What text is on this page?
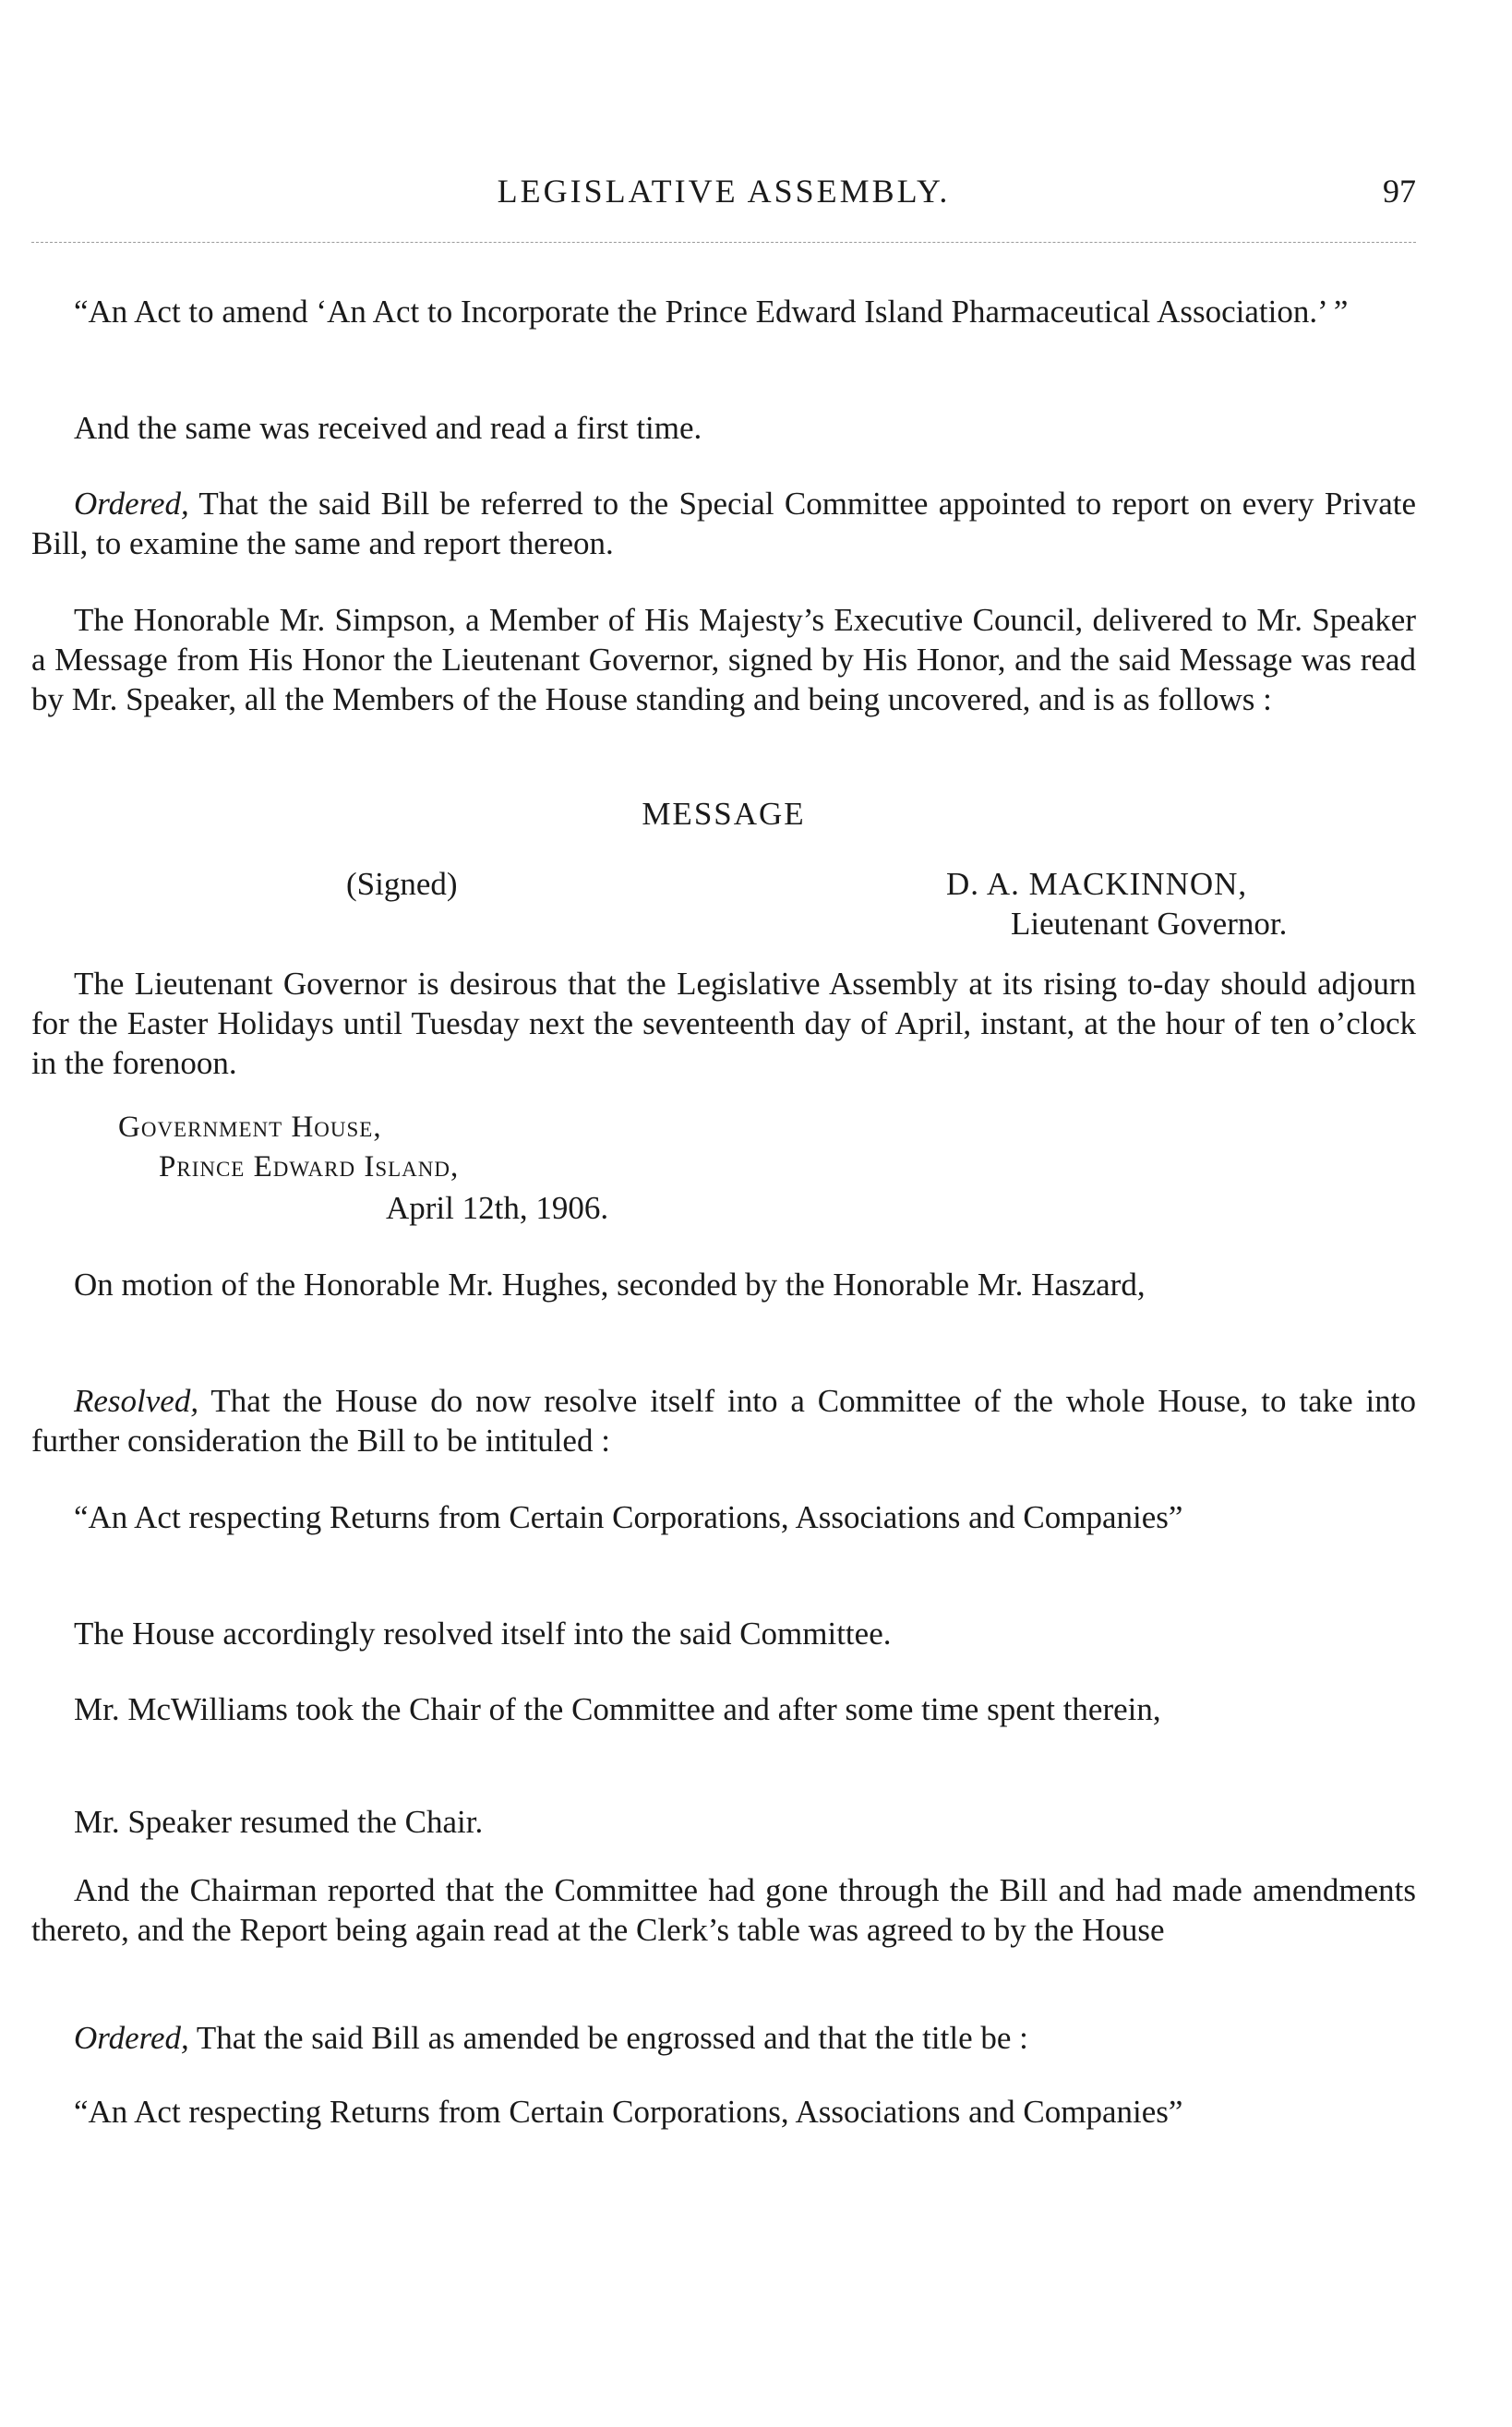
LEGISLATIVE ASSEMBLY.	97

“An Act to amend ‘An Act to Incorporate the Prince Edward Island Pharmaceutical Association.’ ”

And the same was received and read a first time.

Ordered, That the said Bill be referred to the Special Committee appointed to report on every Private Bill, to examine the same and report thereon.

The Honorable Mr. Simpson, a Member of His Majesty’s Executive Council, delivered to Mr. Speaker a Message from His Honor the Lieutenant Governor, signed by His Honor, and the said Message was read by Mr. Speaker, all the Members of the House standing and being uncovered, and is as follows :

MESSAGE
(Signed)	D. A. MACKINNON,
Lieutenant Governor.

The Lieutenant Governor is desirous that the Legislative Assembly at its rising to-day should adjourn for the Easter Holidays until Tuesday next the seventeenth day of April, instant, at the hour of ten o’clock in the forenoon.

Government House,
Prince Edward Island,
April 12th, 1906.

On motion of the Honorable Mr. Hughes, seconded by the Honorable Mr. Haszard,

Resolved, That the House do now resolve itself into a Committee of the whole House, to take into further consideration the Bill to be intituled :

“An Act respecting Returns from Certain Corporations, Associations and Companies”

The House accordingly resolved itself into the said Committee.

Mr. McWilliams took the Chair of the Committee and after some time spent therein,

Mr. Speaker resumed the Chair.

And the Chairman reported that the Committee had gone through the Bill and had made amendments thereto, and the Report being again read at the Clerk’s table was agreed to by the House

Ordered, That the said Bill as amended be engrossed and that the title be :

“An Act respecting Returns from Certain Corporations, Associations and Companies”
